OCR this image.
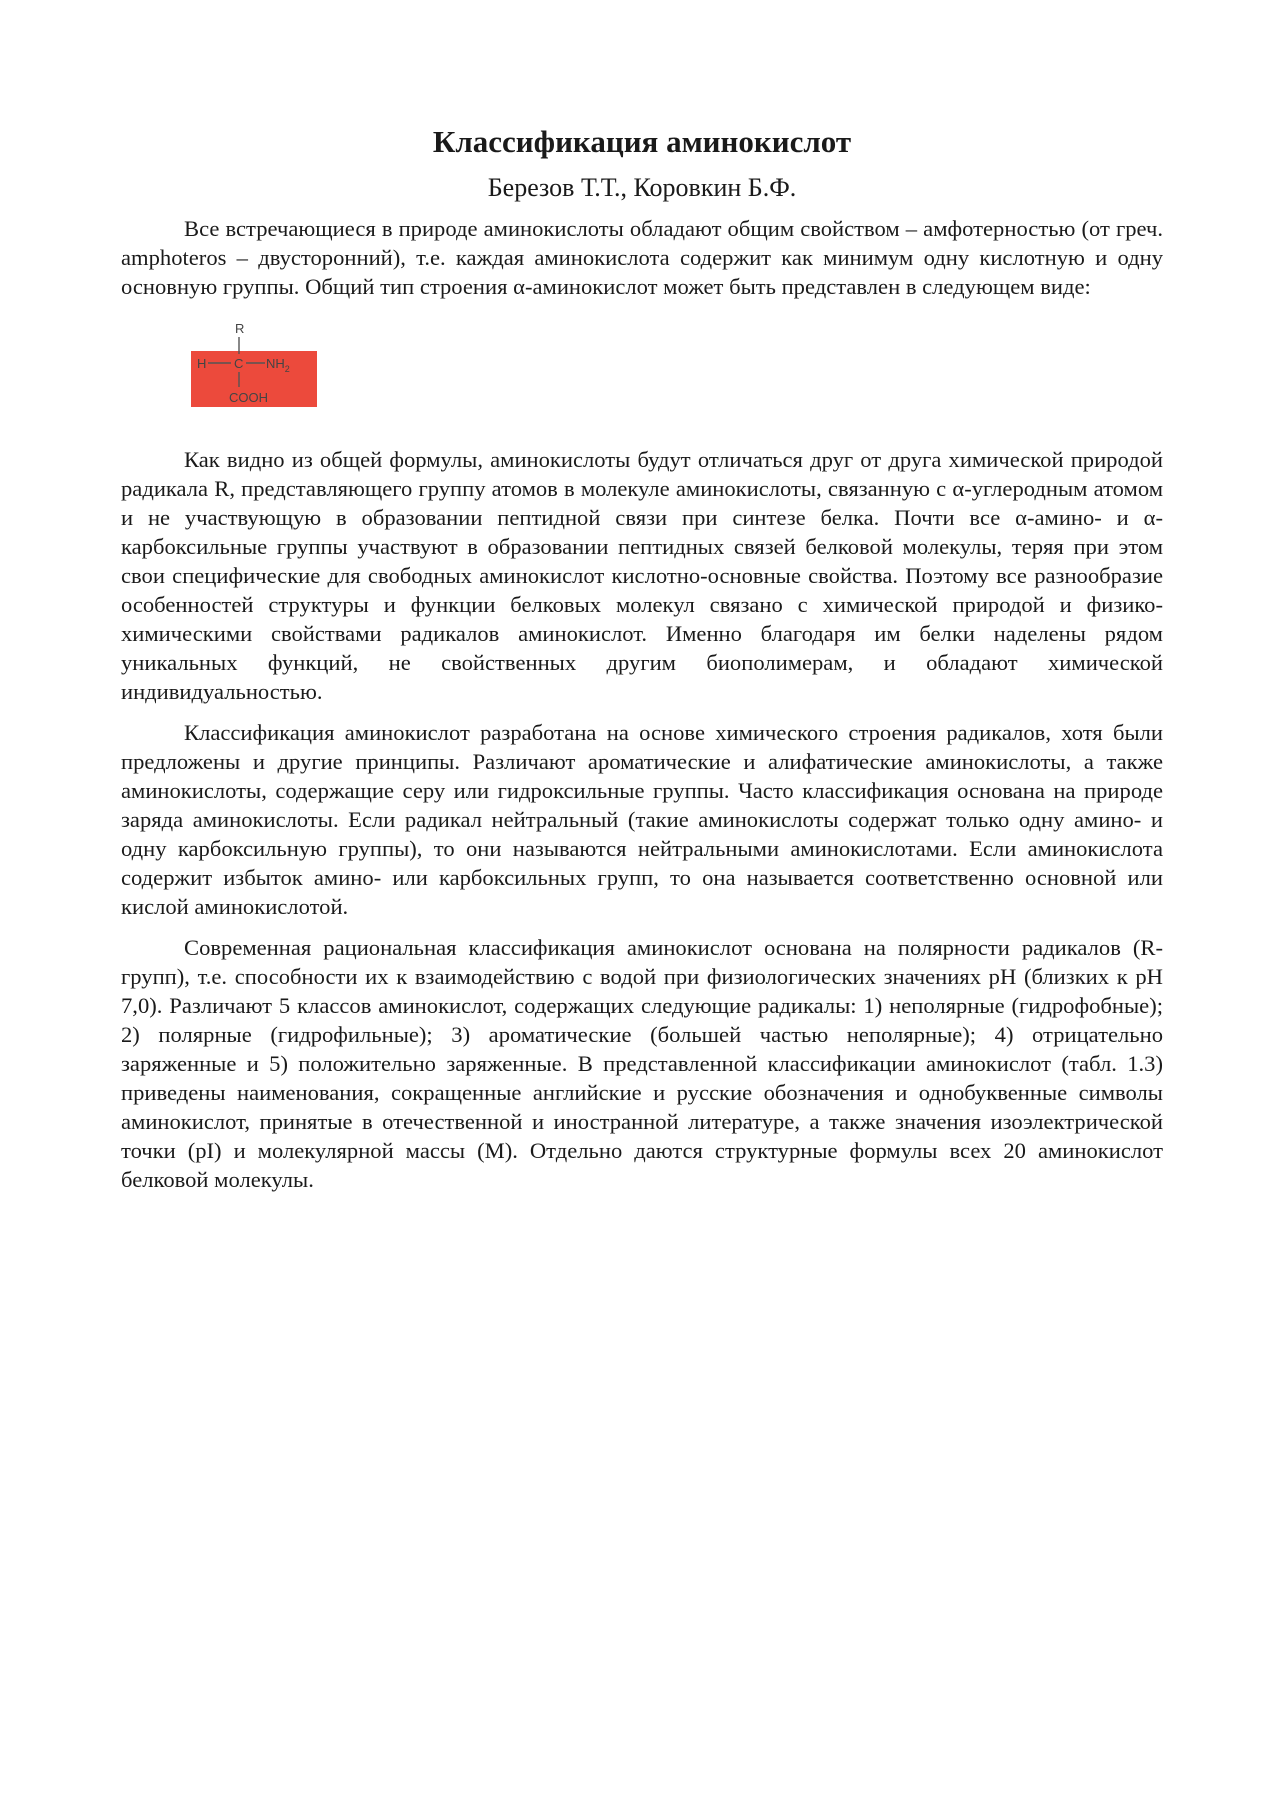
Классификация аминокислот
Березов Т.Т., Коровкин Б.Ф.

Все встречающиеся в природе аминокислоты обладают общим свойством – амфотерностью (от греч. amphoteros – двусторонний), т.е. каждая аминокислота содержит как минимум одну кислотную и одну основную группы. Общий тип строения α-аминокислот может быть представлен в следующем виде:

R
H C $NH_2$
COOH

Как видно из общей формулы, аминокислоты будут отличаться друг от друга химической природой радикала R, представляющего группу атомов в молекуле аминокислоты, связанную с α-углеродным атомом и не участвующую в образовании пептидной связи при синтезе белка. Почти все α-амино- и α-карбоксильные группы участвуют в образовании пептидных связей белковой молекулы, теряя при этом свои специфические для свободных аминокислот кислотно-основные свойства. Поэтому все разнообразие особенностей структуры и функции белковых молекул связано с химической природой и физико-химическими свойствами радикалов аминокислот. Именно благодаря им белки наделены рядом уникальных функций, не свойственных другим биополимерам, и обладают химической индивидуальностью.

Классификация аминокислот разработана на основе химического строения радикалов, хотя были предложены и другие принципы. Различают ароматические и алифатические аминокислоты, а также аминокислоты, содержащие серу или гидроксильные группы. Часто классификация основана на природе заряда аминокислоты. Если радикал нейтральный (такие аминокислоты содержат только одну амино- и одну карбоксильную группы), то они называются нейтральными аминокислотами. Если аминокислота содержит избыток амино- или карбоксильных групп, то она называется соответственно основной или кислой аминокислотой.

Современная рациональная классификация аминокислот основана на полярности радикалов (R-групп), т.е. способности их к взаимодействию с водой при физиологических значениях pH (близких к pH 7,0). Различают 5 классов аминокислот, содержащих следующие радикалы: 1) неполярные (гидрофобные); 2) полярные (гидрофильные); 3) ароматические (большей частью неполярные); 4) отрицательно заряженные и 5) положительно заряженные. В представленной классификации аминокислот (табл. 1.3) приведены наименования, сокращенные английские и русские обозначения и однобуквенные символы аминокислот, принятые в отечественной и иностранной литературе, а также значения изоэлектрической точки (pI) и молекулярной массы (M). Отдельно даются структурные формулы всех 20 аминокислот белковой молекулы.
